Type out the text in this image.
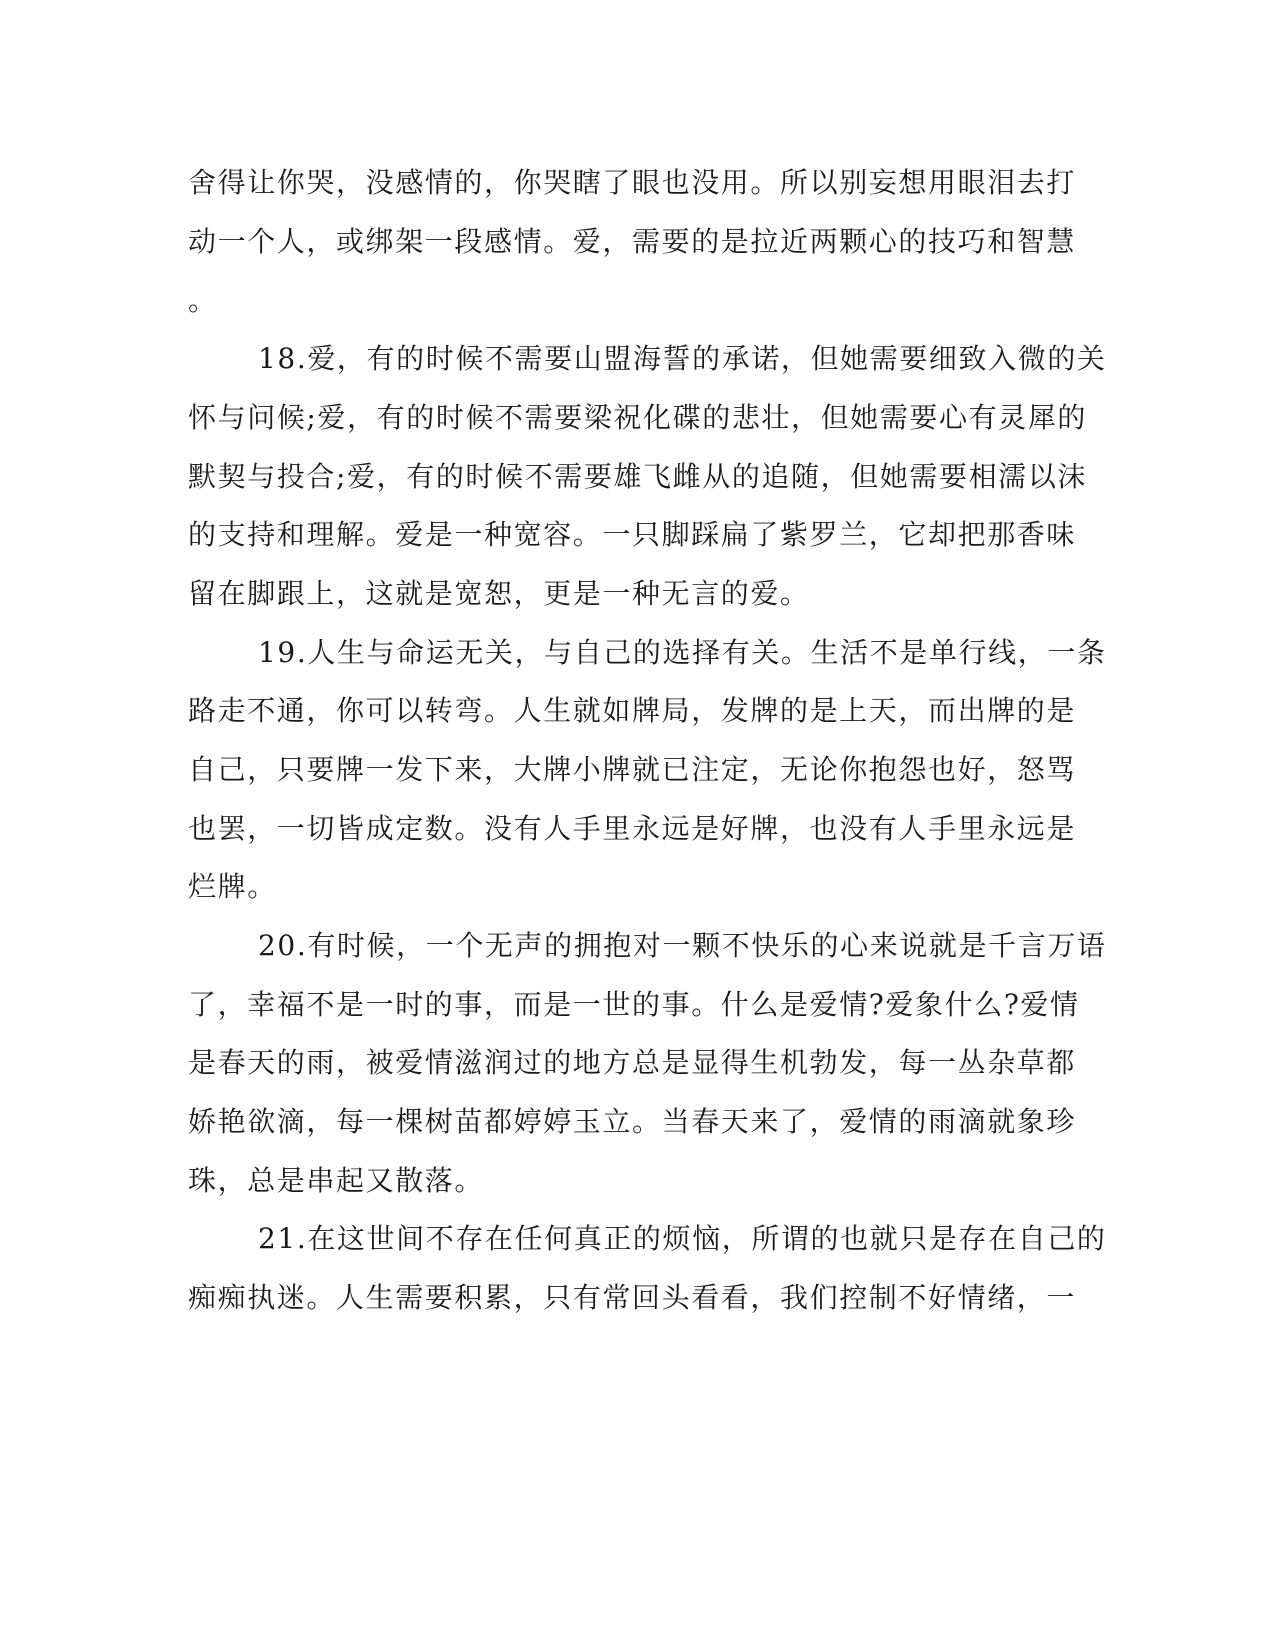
舍得让你哭，没感情的，你哭瞎了眼也没用。所以别妄想用眼泪去打
动一个人，或绑架一段感情。爱，需要的是拉近两颗心的技巧和智慧
。
18.爱，有的时候不需要山盟海誓的承诺，但她需要细致入微的关
怀与问候;爱，有的时候不需要梁祝化碟的悲壮，但她需要心有灵犀的
默契与投合;爱，有的时候不需要雄飞雌从的追随，但她需要相濡以沫
的支持和理解。爱是一种宽容。一只脚踩扁了紫罗兰，它却把那香味
留在脚跟上，这就是宽恕，更是一种无言的爱。
19.人生与命运无关，与自己的选择有关。生活不是单行线，一条
路走不通，你可以转弯。人生就如牌局，发牌的是上天，而出牌的是
自己，只要牌一发下来，大牌小牌就已注定，无论你抱怨也好，怒骂
也罢，一切皆成定数。没有人手里永远是好牌，也没有人手里永远是
烂牌。
20.有时候，一个无声的拥抱对一颗不快乐的心来说就是千言万语
了，幸福不是一时的事，而是一世的事。什么是爱情?爱象什么?爱情
是春天的雨，被爱情滋润过的地方总是显得生机勃发，每一丛杂草都
娇艳欲滴，每一棵树苗都婷婷玉立。当春天来了，爱情的雨滴就象珍
珠，总是串起又散落。
21.在这世间不存在任何真正的烦恼，所谓的也就只是存在自己的
痴痴执迷。人生需要积累，只有常回头看看，我们控制不好情绪，一
